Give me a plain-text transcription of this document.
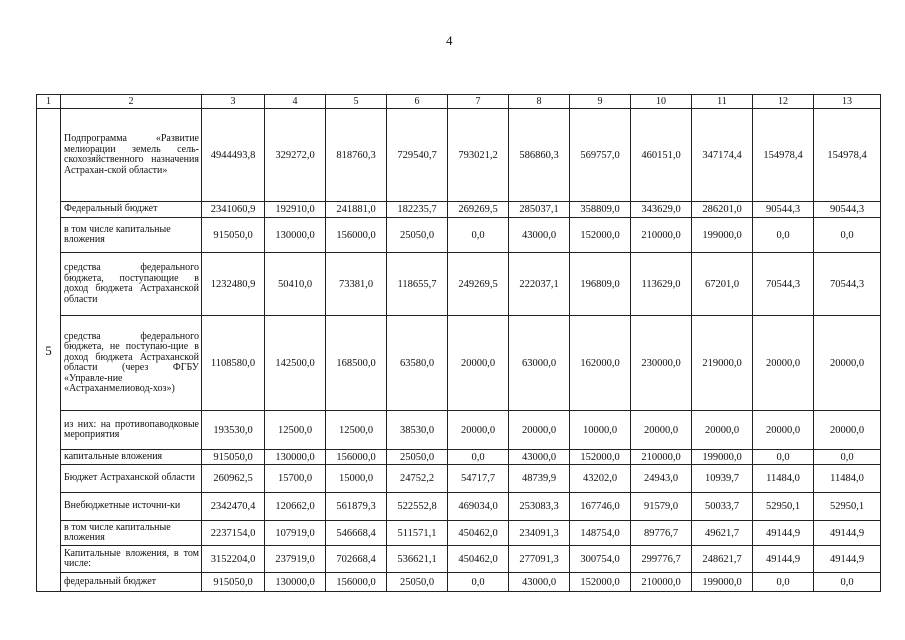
4
1	2	3	4	5	6	7	8	9	10	11	12	13
5	Подпрограмма «Развитие мелиорации земель сель-скохозяйственного назначения Астрахан-ской области»	4944493,8	329272,0	818760,3	729540,7	793021,2	586860,3	569757,0	460151,0	347174,4	154978,4	154978,4
	Федеральный бюджет	2341060,9	192910,0	241881,0	182235,7	269269,5	285037,1	358809,0	343629,0	286201,0	90544,3	90544,3
	в том числе капитальные вложения	915050,0	130000,0	156000,0	25050,0	0,0	43000,0	152000,0	210000,0	199000,0	0,0	0,0
	средства федерального бюджета, поступающие в доход бюджета Астраханской области	1232480,9	50410,0	73381,0	118655,7	249269,5	222037,1	196809,0	113629,0	67201,0	70544,3	70544,3
	средства федерального бюджета, не поступаю-щие в доход бюджета Астраханской области (через ФГБУ «Управле-ние «Астраханмелиовод-хоз»)	1108580,0	142500,0	168500,0	63580,0	20000,0	63000,0	162000,0	230000,0	219000,0	20000,0	20000,0
	из них: на противопаводковые мероприятия	193530,0	12500,0	12500,0	38530,0	20000,0	20000,0	10000,0	20000,0	20000,0	20000,0	20000,0
	капитальные вложения	915050,0	130000,0	156000,0	25050,0	0,0	43000,0	152000,0	210000,0	199000,0	0,0	0,0
	Бюджет Астраханской области	260962,5	15700,0	15000,0	24752,2	54717,7	48739,9	43202,0	24943,0	10939,7	11484,0	11484,0
	Внебюджетные источни-ки	2342470,4	120662,0	561879,3	522552,8	469034,0	253083,3	167746,0	91579,0	50033,7	52950,1	52950,1
	в том числе капитальные вложения	2237154,0	107919,0	546668,4	511571,1	450462,0	234091,3	148754,0	89776,7	49621,7	49144,9	49144,9
	Капитальные вложения, в том числе:	3152204,0	237919,0	702668,4	536621,1	450462,0	277091,3	300754,0	299776,7	248621,7	49144,9	49144,9
	федеральный бюджет	915050,0	130000,0	156000,0	25050,0	0,0	43000,0	152000,0	210000,0	199000,0	0,0	0,0
